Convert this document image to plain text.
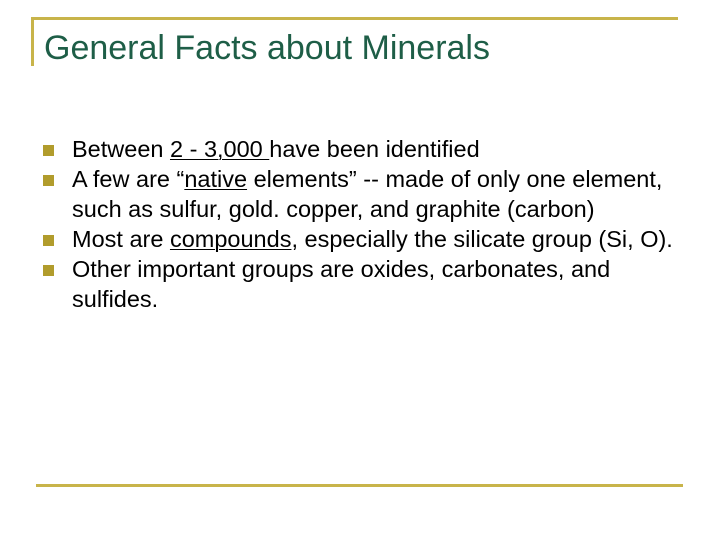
General Facts about Minerals
Between 2 - 3,000 have been identified
A few are “native elements” -- made of only one element, such as sulfur, gold. copper, and graphite (carbon)
Most are compounds, especially the silicate group (Si, O).
Other important groups are oxides, carbonates, and sulfides.
